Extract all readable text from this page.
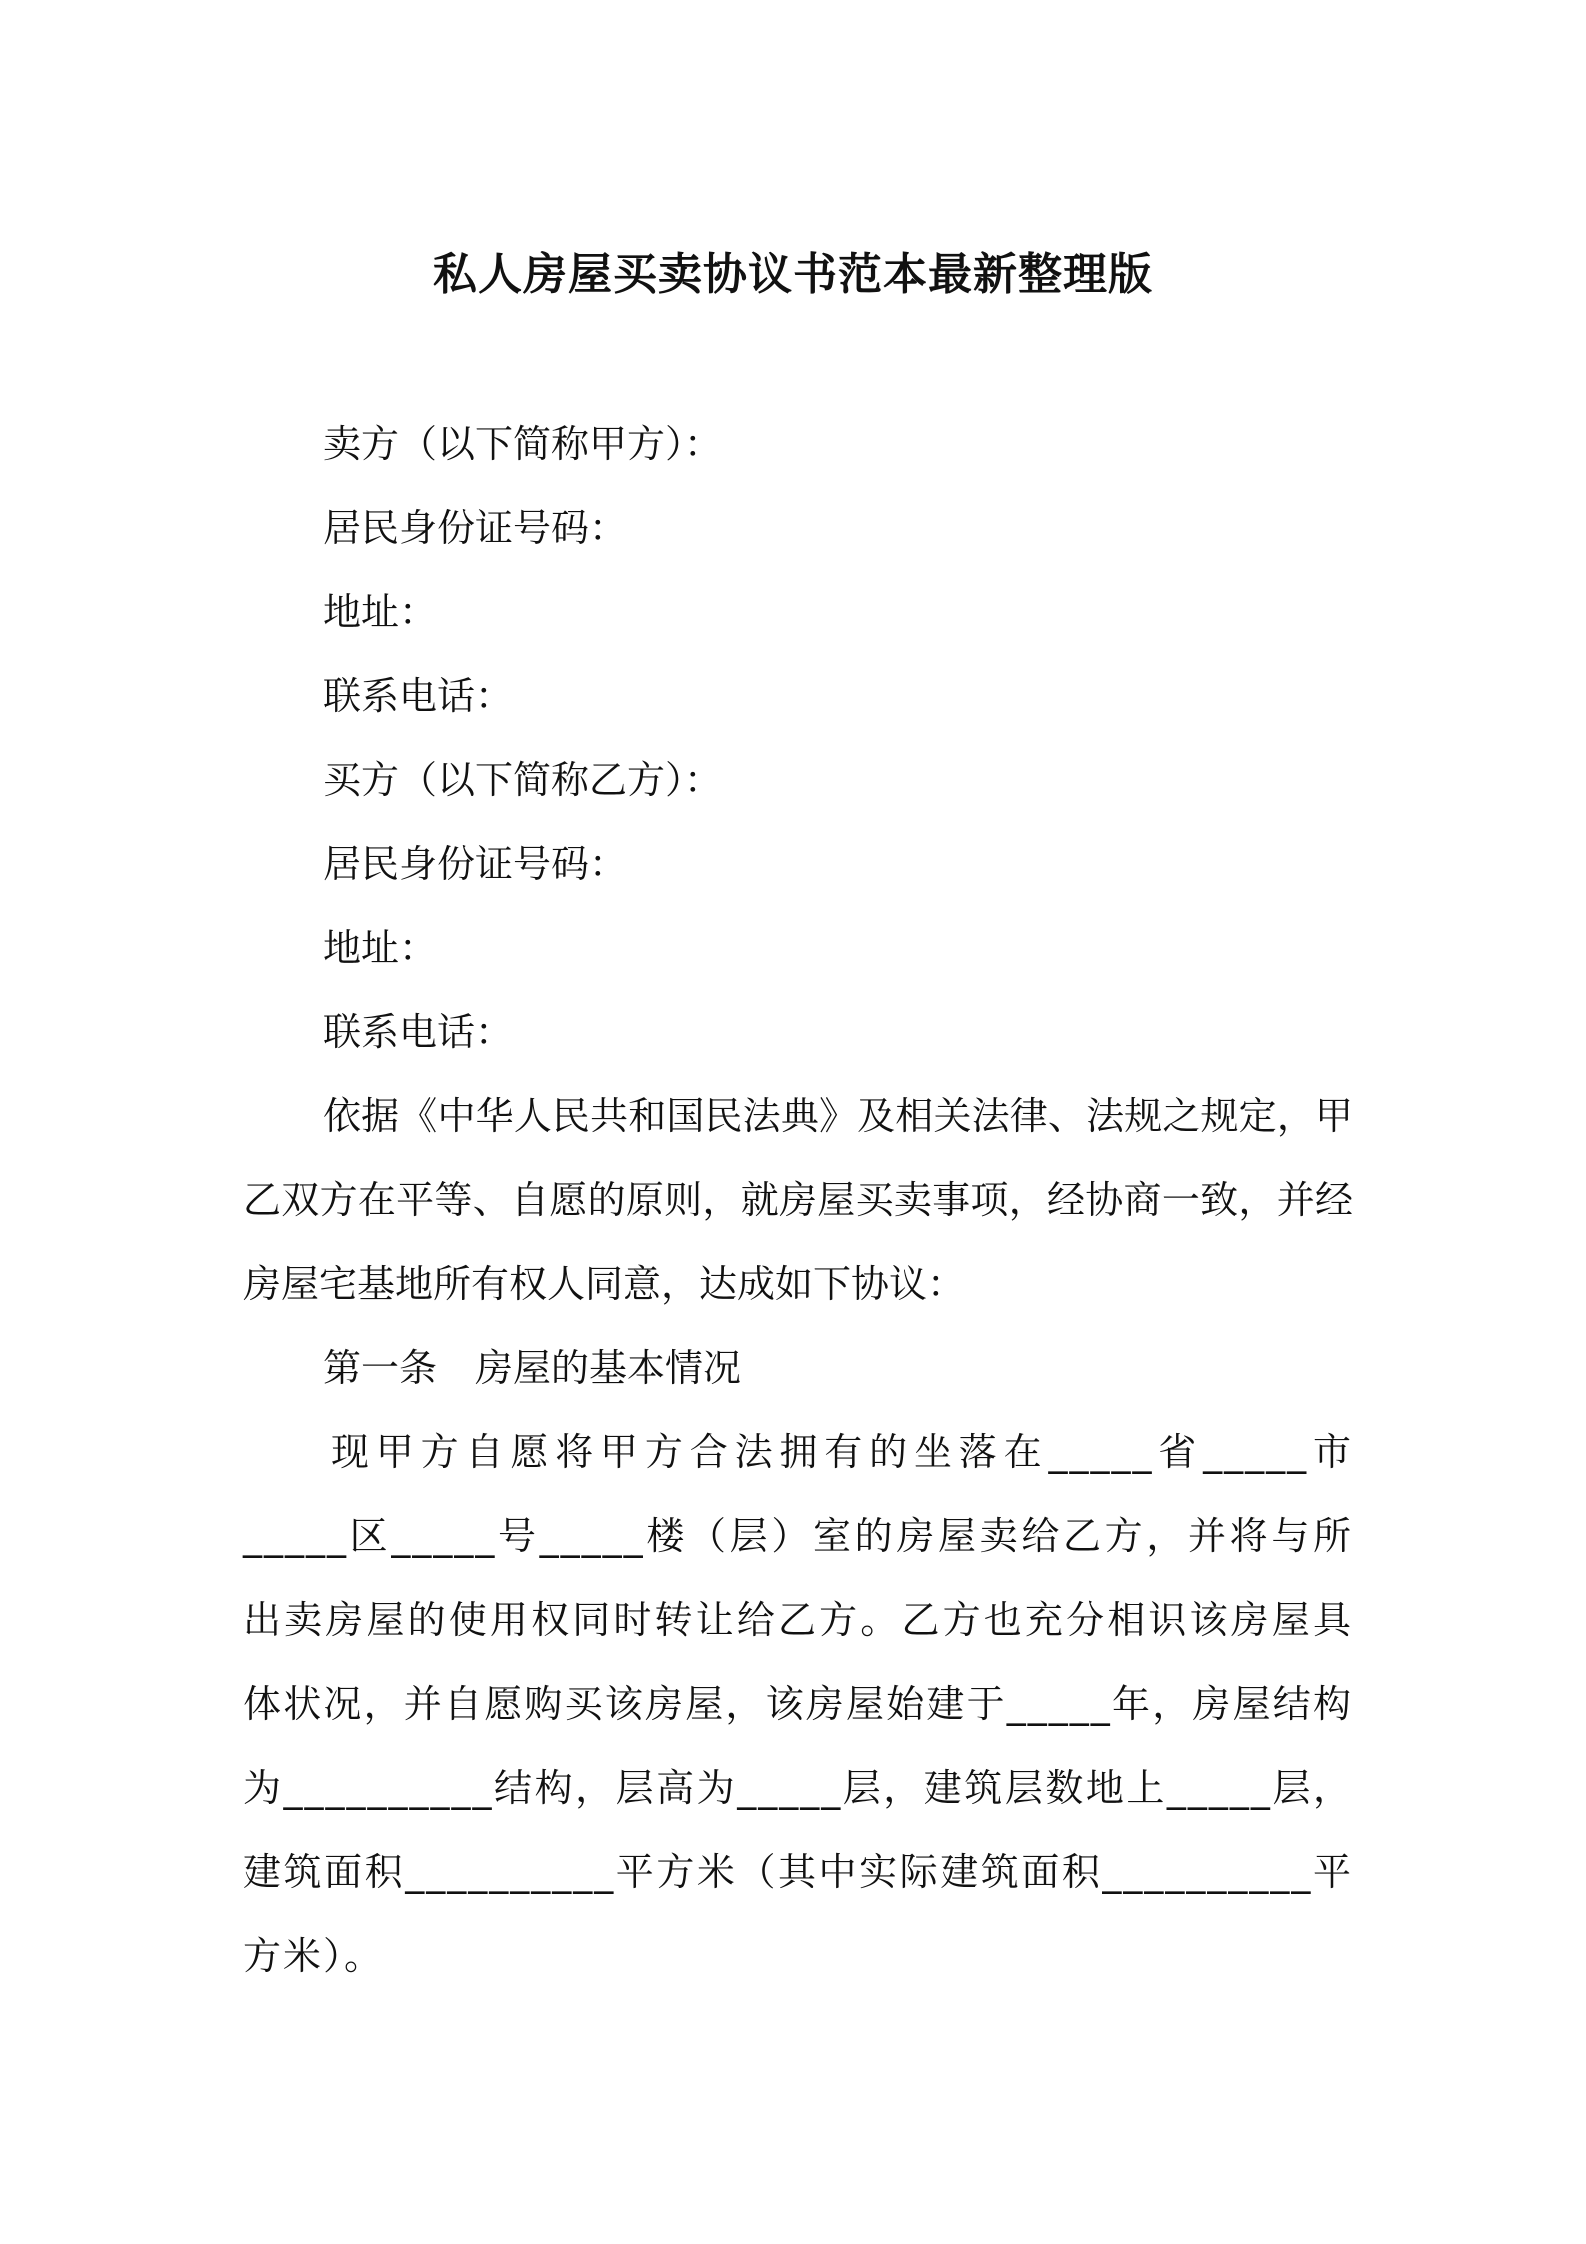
私人房屋买卖协议书范本最新整理版

卖方（以下简称甲方）：

居民身份证号码：

地址：

联系电话：

买方（以下简称乙方）：

居民身份证号码：

地址：

联系电话：

依据《中华人民共和国民法典》及相关法律、法规之规定，甲乙双方在平等、自愿的原则，就房屋买卖事项，经协商一致，并经房屋宅基地所有权人同意，达成如下协议：

第一条　房屋的基本情况

现甲方自愿将甲方合法拥有的坐落在_____省_____市_____区_____号_____楼（层）室的房屋卖给乙方，并将与所出卖房屋的使用权同时转让给乙方。乙方也充分相识该房屋具体状况，并自愿购买该房屋，该房屋始建于_____年，房屋结构为__________结构，层高为_____层，建筑层数地上_____层，建筑面积__________平方米（其中实际建筑面积__________平方米）。
